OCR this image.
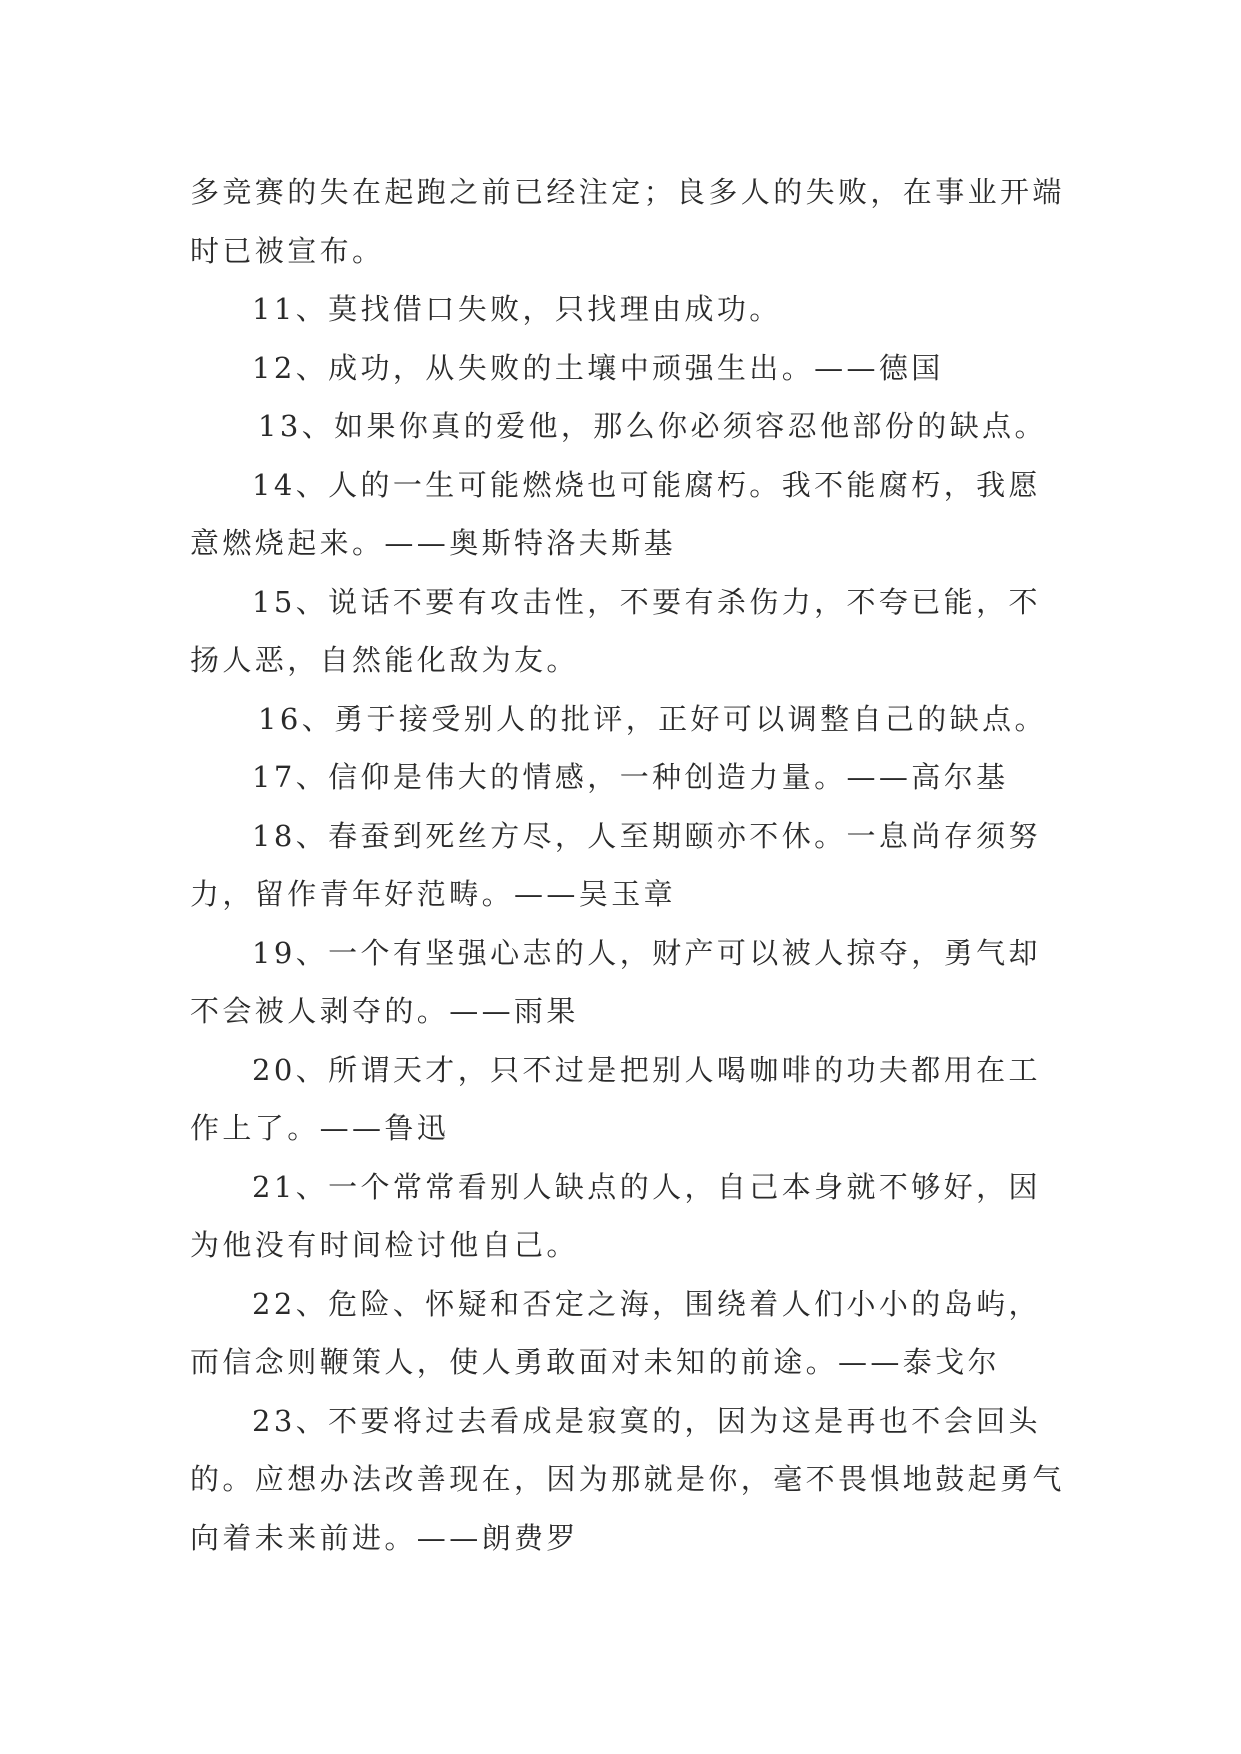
多竞赛的失在起跑之前已经注定；良多人的失败，在事业开端时已被宣布。

11、莫找借口失败，只找理由成功。

12、成功，从失败的土壤中顽强生出。——德国

13、如果你真的爱他，那么你必须容忍他部份的缺点。

14、人的一生可能燃烧也可能腐朽。我不能腐朽，我愿意燃烧起来。——奥斯特洛夫斯基

15、说话不要有攻击性，不要有杀伤力，不夸已能，不扬人恶，自然能化敌为友。

16、勇于接受别人的批评，正好可以调整自己的缺点。

17、信仰是伟大的情感，一种创造力量。——高尔基

18、春蚕到死丝方尽，人至期颐亦不休。一息尚存须努力，留作青年好范畴。——吴玉章

19、一个有坚强心志的人，财产可以被人掠夺，勇气却不会被人剥夺的。——雨果

20、所谓天才，只不过是把别人喝咖啡的功夫都用在工作上了。——鲁迅

21、一个常常看别人缺点的人，自己本身就不够好，因为他没有时间检讨他自己。

22、危险、怀疑和否定之海，围绕着人们小小的岛屿，而信念则鞭策人，使人勇敢面对未知的前途。——泰戈尔

23、不要将过去看成是寂寞的，因为这是再也不会回头的。应想办法改善现在，因为那就是你，毫不畏惧地鼓起勇气向着未来前进。——朗费罗
